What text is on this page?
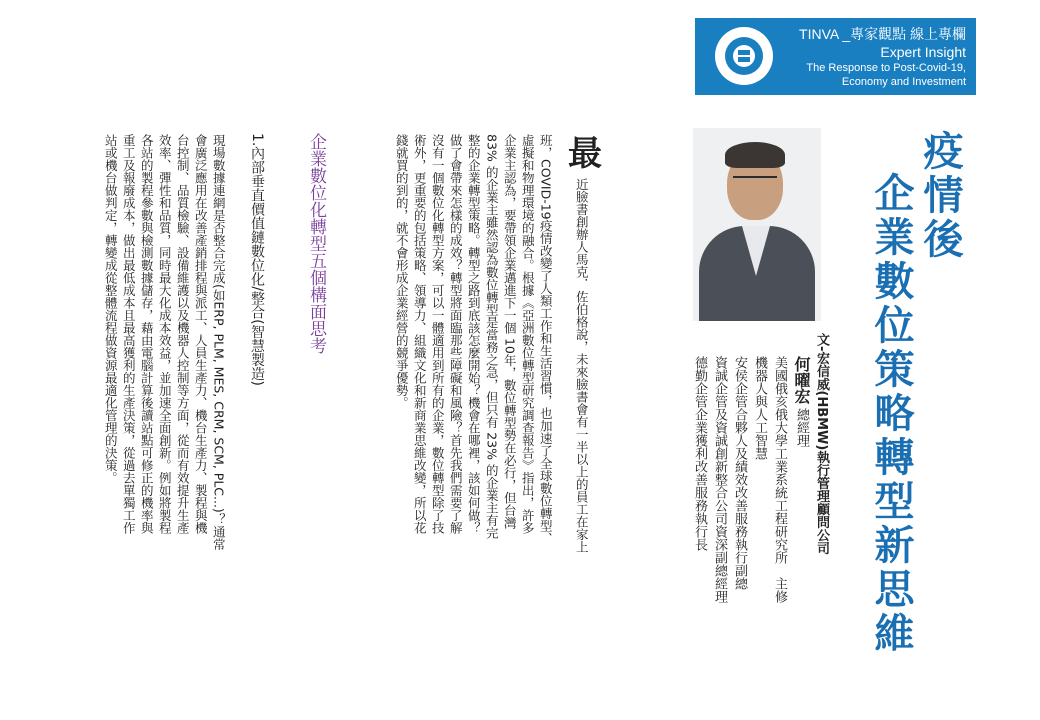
TINVA _專家觀點 線上專欄
Expert Insight
The Response to Post-Covid-19,
Economy and Investment
疫情後
企業數位策略轉型新思維
文-宏信威(HBMW)執行管理顧問公司
何曜宏 總經理
美國俄亥俄大學工業系統工程研究所　主修
機器人與人工智慧
安侯企管合夥人及績效改善服務執行副總
資誠企管及資誠創新整合公司資深副總經理
德勤企管企業獲利改善服務執行長
最
近臉書創辦人馬克．佐伯格說，未來臉書會有一半以上的員工在家上
班，COVID-19疫情改變了人類工作和生活習慣，也加速了全球數位轉型、
虛擬和物理環境的融合。根據《亞洲數位轉型研究調查報告》指出，許多
企業主認為，要帶領企業邁進下一個 10年，數位轉型勢在必行，但台灣
83% 的企業主雖然認為數位轉型是當務之急，但只有 23% 的企業主有完
整的企業轉型策略。轉型之路到底該怎麼開始？機會在哪裡，該如何做？
做了會帶來怎樣的成效？轉型將面臨那些障礙和風險？首先我們需要了解
沒有一個數位化轉型方案，可以一體適用到所有的企業，數位轉型除了技
術外，更重要的包括策略、領導力、組織文化和新商業思維改變，所以花
錢就買的到的，就不會形成企業經營的競爭優勢。
企業數位化轉型五個構面思考
1.內部垂直價值鏈數位化/整合(智慧製造)
現場數據連網是否整合完成(如ERP, PLM, MES, CRM, SCM, PLC...)？通常
會廣泛應用在改善產銷排程與派工、人員生產力、機台生產力、製程與機
台控制、品質檢驗、設備維護以及機器人控制等方面，從而有效提升生產
效率、彈性和品質，同時最大化成本效益，並加速全面創新。例如將製程
各站的製程參數與檢測數據儲存，藉由電腦計算後讀站點可修正的機率與
重工及報廢成本，做出最低成本且最高獲利的生產決策，從過去單獨工作
站或機台做判定，轉變成從整體流程做資源最適化管理的決策。
